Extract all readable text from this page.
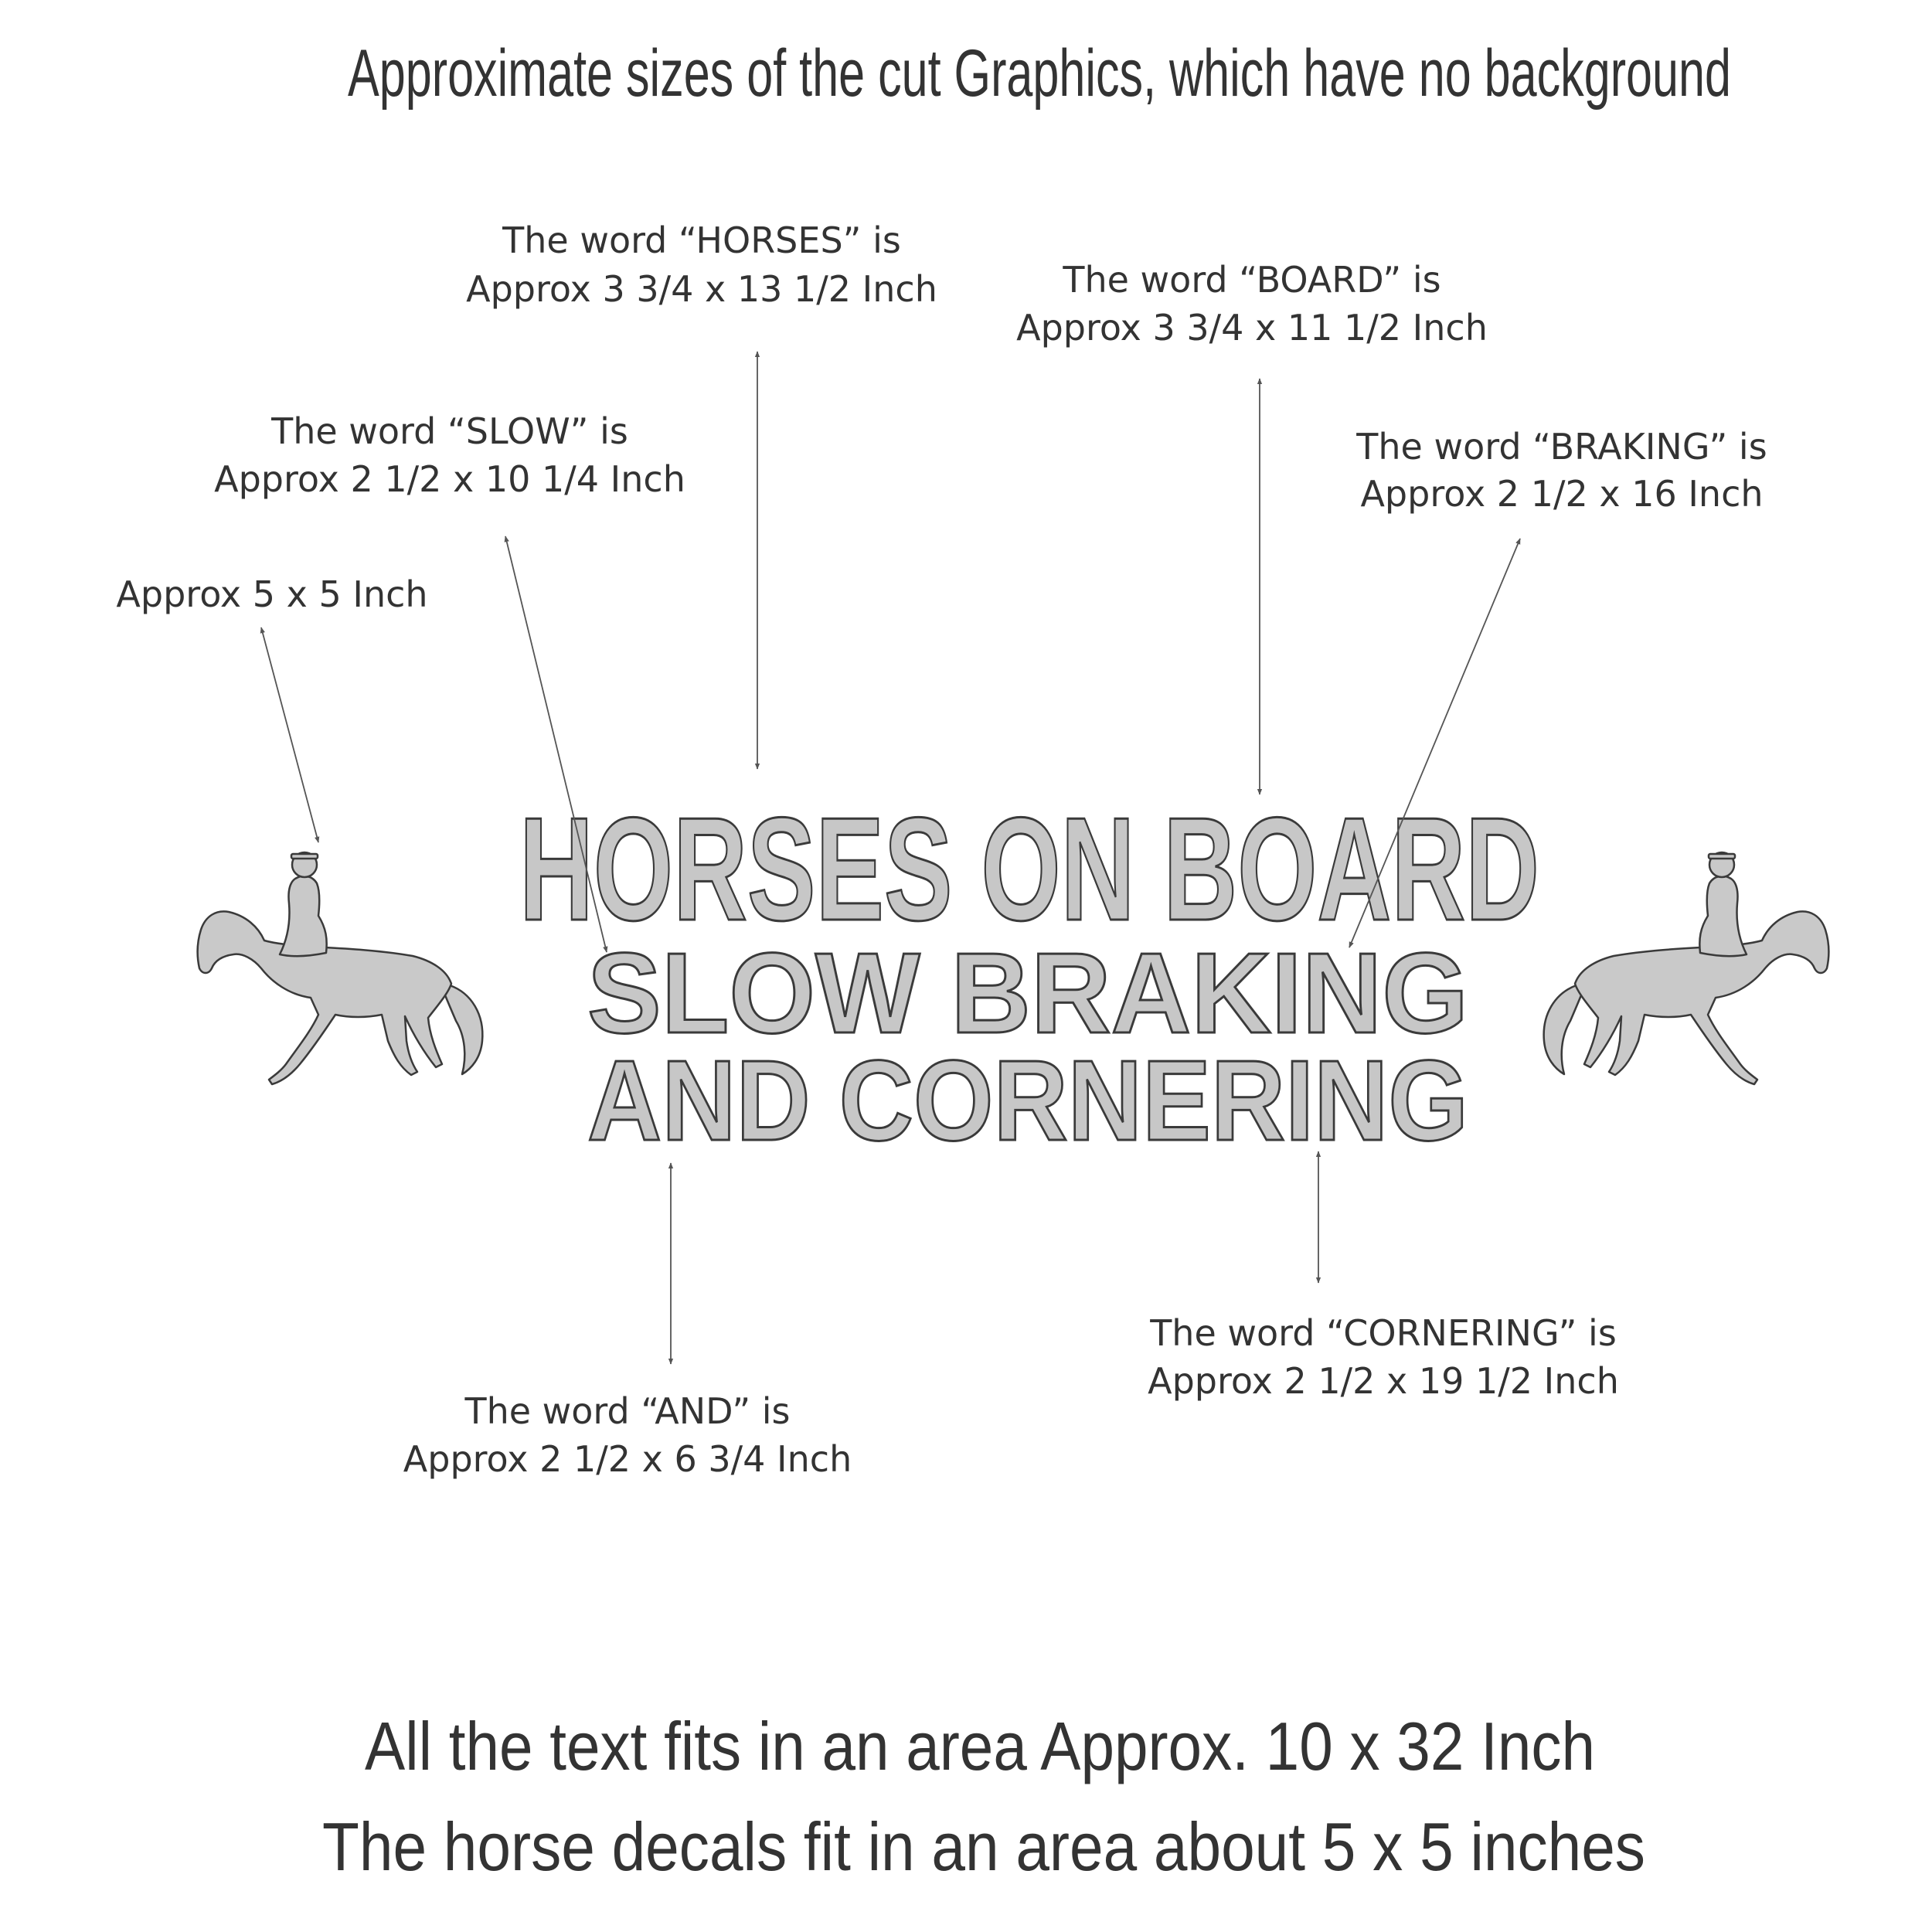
Approximate sizes of the cut Graphics, which have no background
HORSES ON BOARD
SLOW BRAKING
AND CORNERING
The word “HORSES” is
Approx 3 3/4 x 13 1/2 Inch	The word “BOARD” is
Approx 3 3/4 x 11 1/2 Inch
The word “SLOW” is
Approx 2 1/2 x 10 1/4 Inch
The word “BRAKING” is
Approx 2 1/2 x 16 Inch
Approx 5 x 5 Inch
The word “AND” is
Approx 2 1/2 x 6 3/4 Inch
The word “CORNERING” is
Approx 2 1/2 x 19 1/2 Inch
All the text fits in an area Approx. 10 x 32 Inch
The horse decals fit in an area about 5 x 5 inches
